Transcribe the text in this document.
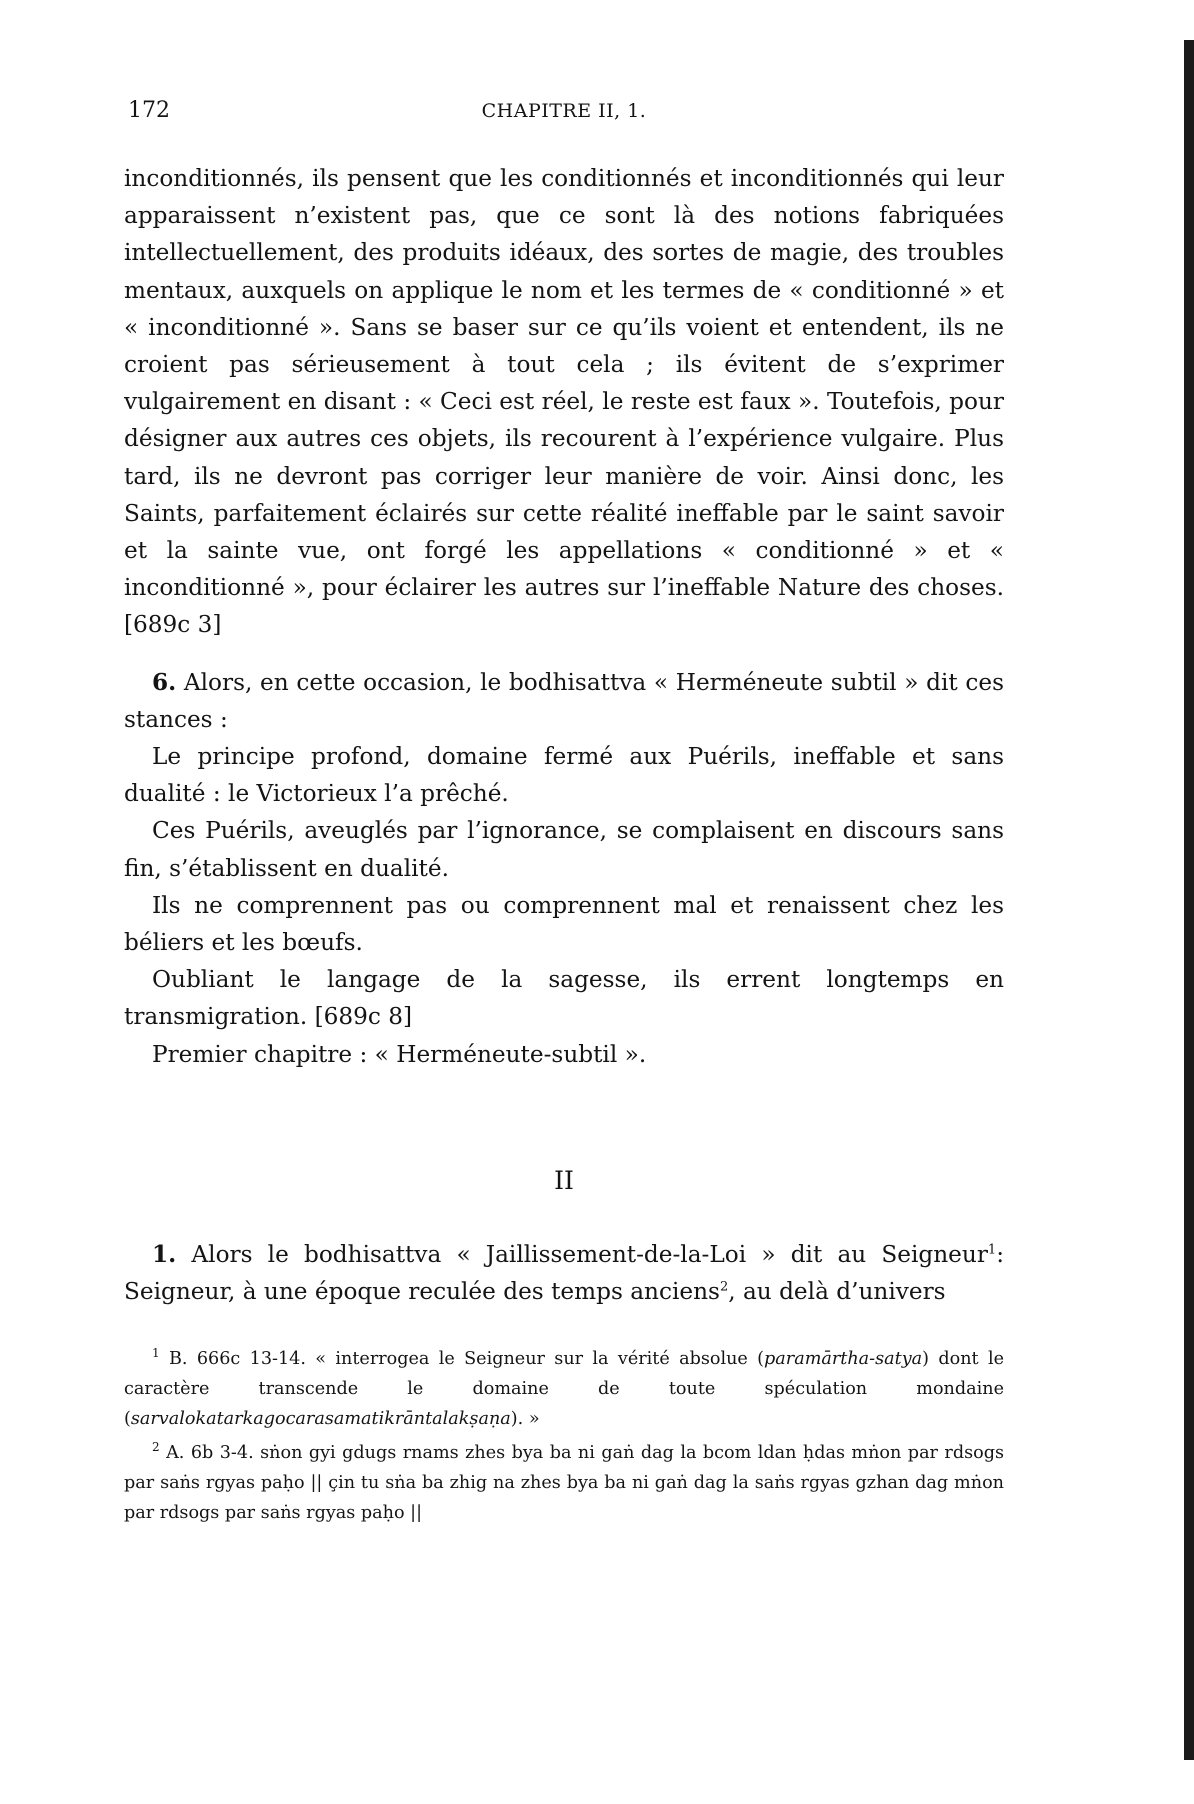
172	CHAPITRE II, 1.

inconditionnés, ils pensent que les conditionnés et inconditionnés qui leur apparaissent n’existent pas, que ce sont là des notions fabriquées intellectuellement, des produits idéaux, des sortes de magie, des troubles mentaux, auxquels on applique le nom et les termes de « conditionné » et « inconditionné ». Sans se baser sur ce qu’ils voient et entendent, ils ne croient pas sérieusement à tout cela ; ils évitent de s’exprimer vulgairement en disant : « Ceci est réel, le reste est faux ». Toutefois, pour désigner aux autres ces objets, ils recourent à l’expérience vulgaire. Plus tard, ils ne devront pas corriger leur manière de voir. Ainsi donc, les Saints, parfaitement éclairés sur cette réalité ineffable par le saint savoir et la sainte vue, ont forgé les appellations « conditionné » et « inconditionné », pour éclairer les autres sur l’ineffable Nature des choses. [689c 3]

6. Alors, en cette occasion, le bodhisattva « Herméneute subtil » dit ces stances :

Le principe profond, domaine fermé aux Puérils, ineffable et sans dualité : le Victorieux l’a prêché.

Ces Puérils, aveuglés par l’ignorance, se complaisent en discours sans fin, s’établissent en dualité.

Ils ne comprennent pas ou comprennent mal et renaissent chez les béliers et les bœufs.

Oubliant le langage de la sagesse, ils errent longtemps en transmigration. [689c 8]

Premier chapitre : « Herméneute-subtil ».

II

1. Alors le bodhisattva « Jaillissement-de-la-Loi » dit au Seigneur$^1$: Seigneur, à une époque reculée des temps anciens$^2$, au delà d’univers

$^1$ B. 666c 13-14. « interrogea le Seigneur sur la vérité absolue (paramārtha-satya) dont le caractère transcende le domaine de toute spéculation mondaine (sarvalokatarkagocarasamatikrāntalakṣaṇa). »

$^2$ A. 6b 3-4. sṅon gyi gdugs rnams zhes bya ba ni gaṅ dag la bcom ldan ḥdas mṅon par rdsogs par saṅs rgyas paḥo || çin tu sṅa ba zhig na zhes bya ba ni gaṅ dag la saṅs rgyas gzhan dag mṅon par rdsogs par saṅs rgyas paḥo ||
